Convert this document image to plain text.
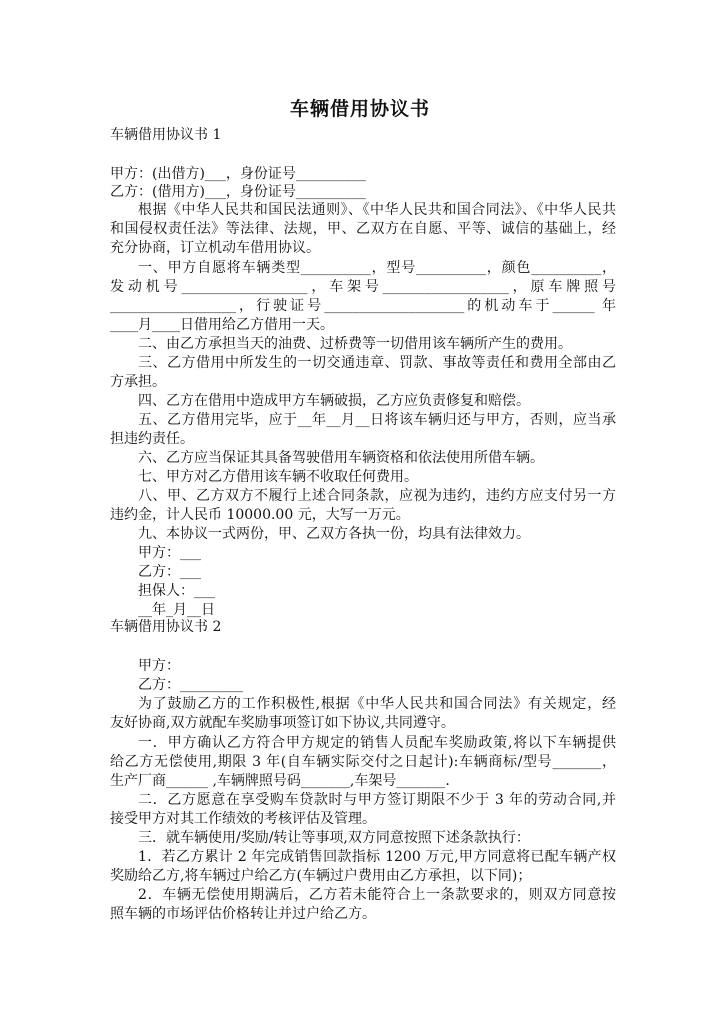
车辆借用协议书
车辆借用协议书 1
甲方：(出借方)___，身份证号__________
乙方：(借用方)___，身份证号__________
根据《中华人民共和国民法通则》、《中华人民共和国合同法》、《中华人民共
和国侵权责任法》等法律、法规，甲、乙双方在自愿、平等、诚信的基础上，经
充分协商，订立机动车借用协议。
一、甲方自愿将车辆类型__________，型号__________，颜色__________，
发动机号__________________，车架号__________________，原车牌照号
__________________，行驶证号____________________的机动车于______ 年
____月____日借用给乙方借用一天。
二、由乙方承担当天的油费、过桥费等一切借用该车辆所产生的费用。
三、乙方借用中所发生的一切交通违章、罚款、事故等责任和费用全部由乙
方承担。
四、乙方在借用中造成甲方车辆破损，乙方应负责修复和赔偿。
五、乙方借用完毕，应于__年__月__日将该车辆归还与甲方，否则，应当承
担违约责任。
六、乙方应当保证其具备驾驶借用车辆资格和依法使用所借车辆。
七、甲方对乙方借用该车辆不收取任何费用。
八、甲、乙方双方不履行上述合同条款，应视为违约，违约方应支付另一方
违约金，计人民币 10000.00 元，大写一万元。
九、本协议一式两份，甲、乙双方各执一份，均具有法律效力。
甲方：___
乙方：___
担保人：___
__年_月__日
车辆借用协议书 2
甲方：
乙方：_________
为了鼓励乙方的工作积极性,根据《中华人民共和国合同法》有关规定，经
友好协商,双方就配车奖励事项签订如下协议,共同遵守。
一．甲方确认乙方符合甲方规定的销售人员配车奖励政策,将以下车辆提供
给乙方无偿使用,期限 3 年(自车辆实际交付之日起计):车辆商标/型号_______，
生产厂商______ ,车辆牌照号码_______,车架号_______.
二．乙方愿意在享受购车贷款时与甲方签订期限不少于 3 年的劳动合同,并
接受甲方对其工作绩效的考核评估及管理。
三．就车辆使用/奖励/转让等事项,双方同意按照下述条款执行：
1．若乙方累计 2 年完成销售回款指标 1200 万元,甲方同意将已配车辆产权
奖励给乙方,将车辆过户给乙方(车辆过户费用由乙方承担，以下同)；
2．车辆无偿使用期满后，乙方若未能符合上一条款要求的，则双方同意按
照车辆的市场评估价格转让并过户给乙方。
